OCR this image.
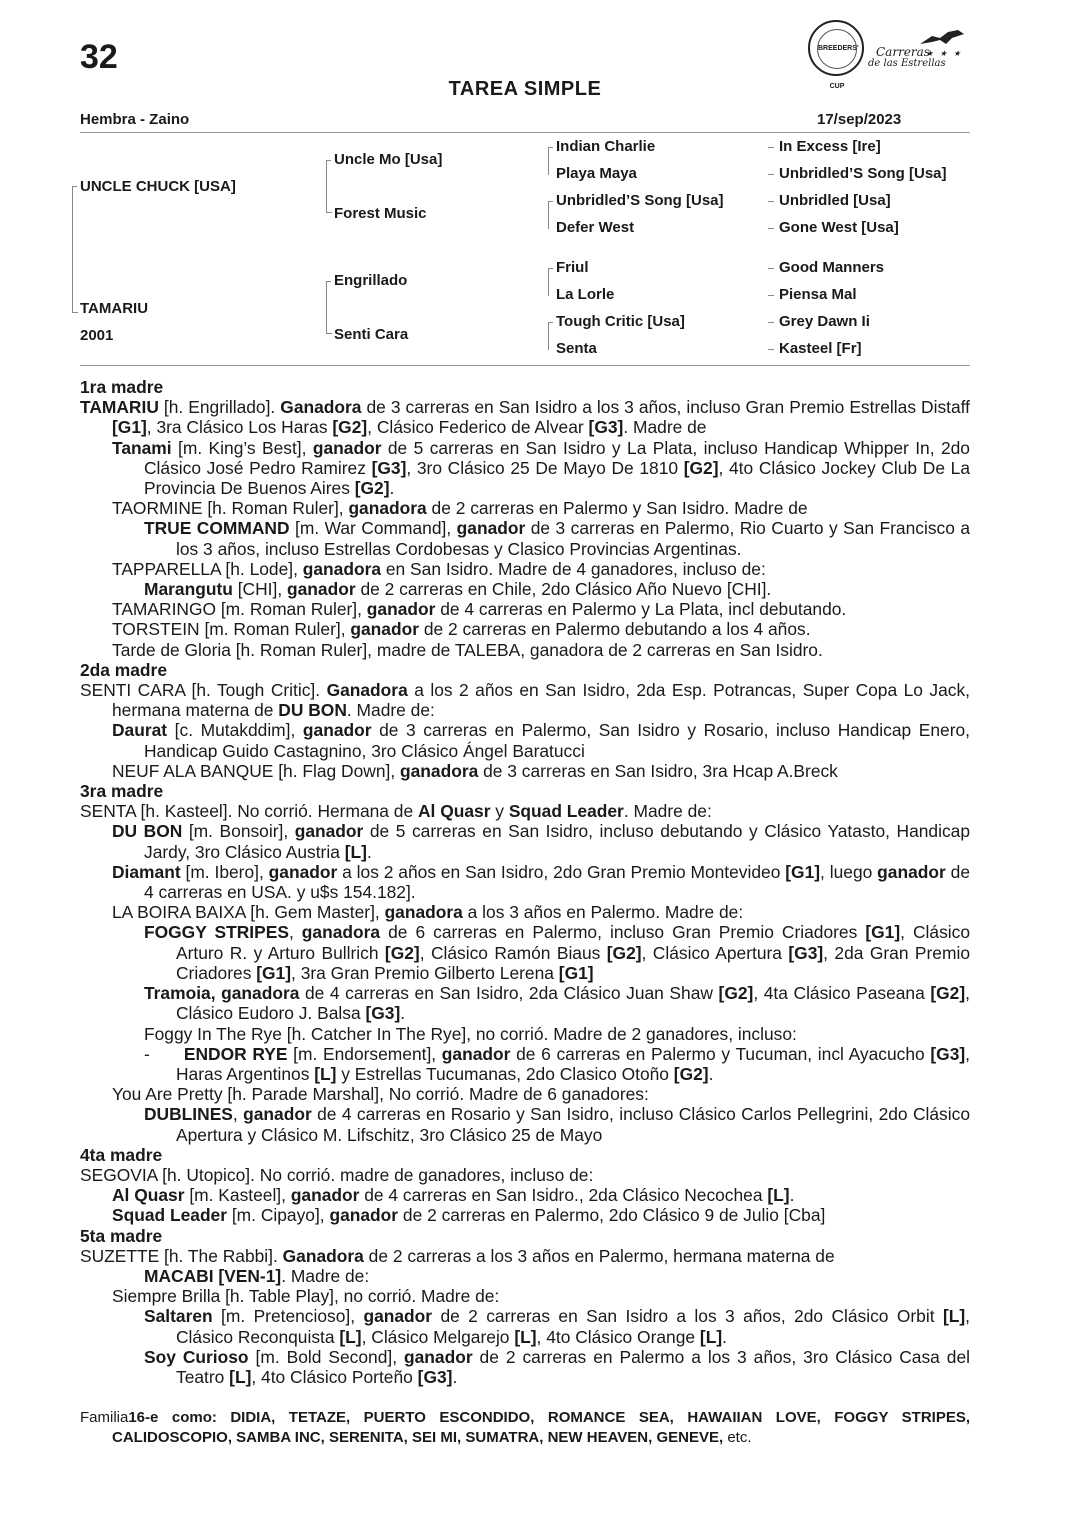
32	BREEDERS' CUP
Carreras
de las Estrellas
★ ★ ★
TAREA SIMPLE
Hembra - Zaino	17/sep/2023
UNCLE CHUCK [USA]
TAMARIU
2001
Uncle Mo [Usa]
Forest Music
Engrillado
Senti Cara
Indian Charlie
Playa Maya
Unbridled’S Song [Usa]
Defer West
Friul
La Lorle
Tough Critic [Usa]
Senta
In Excess [Ire]
Unbridled’S Song [Usa]
Unbridled [Usa]
Gone West [Usa]
Good Manners
Piensa Mal
Grey Dawn Ii
Kasteel [Fr]
1ra madre

TAMARIU [h. Engrillado]. Ganadora de 3 carreras en San Isidro a los 3 años, incluso Gran Premio Estrellas Distaff [G1], 3ra Clásico Los Haras [G2], Clásico Federico de Alvear [G3]. Madre de

Tanami [m. King’s Best], ganador de 5 carreras en San Isidro y La Plata, incluso Handicap Whipper In, 2do Clásico José Pedro Ramirez [G3], 3ro Clásico 25 De Mayo De 1810 [G2], 4to Clásico Jockey Club De La Provincia De Buenos Aires [G2].

TAORMINE [h. Roman Ruler], ganadora de 2 carreras en Palermo y San Isidro. Madre de

TRUE COMMAND [m. War Command], ganador de 3 carreras en Palermo, Rio Cuarto y San Francisco a los 3 años, incluso Estrellas Cordobesas y Clasico Provincias Argentinas.

TAPPARELLA [h. Lode], ganadora en San Isidro. Madre de 4 ganadores, incluso de:

Marangutu [CHI], ganador de 2 carreras en Chile, 2do Clásico Año Nuevo [CHI].

TAMARINGO [m. Roman Ruler], ganador de 4 carreras en Palermo y La Plata, incl debutando.

TORSTEIN [m. Roman Ruler], ganador de 2 carreras en Palermo debutando a los 4 años.

Tarde de Gloria [h. Roman Ruler], madre de TALEBA, ganadora de 2 carreras en San Isidro.

2da madre

SENTI CARA [h. Tough Critic]. Ganadora a los 2 años en San Isidro, 2da Esp. Potrancas, Super Copa Lo Jack, hermana materna de DU BON. Madre de:

Daurat [c. Mutakddim], ganador de 3 carreras en Palermo, San Isidro y Rosario, incluso Handicap Enero, Handicap Guido Castagnino, 3ro Clásico Ángel Baratucci

NEUF ALA BANQUE [h. Flag Down], ganadora de 3 carreras en San Isidro, 3ra Hcap A.Breck

3ra madre

SENTA [h. Kasteel]. No corrió. Hermana de Al Quasr y Squad Leader. Madre de:

DU BON [m. Bonsoir], ganador de 5 carreras en San Isidro, incluso debutando y Clásico Yatasto, Handicap Jardy, 3ro Clásico Austria [L].

Diamant [m. Ibero], ganador a los 2 años en San Isidro, 2do Gran Premio Montevideo [G1], luego ganador de 4 carreras en USA. y u$s 154.182].

LA BOIRA BAIXA [h. Gem Master], ganadora a los 3 años en Palermo. Madre de:

FOGGY STRIPES, ganadora de 6 carreras en Palermo, incluso Gran Premio Criadores [G1], Clásico Arturo R. y Arturo Bullrich [G2], Clásico Ramón Biaus [G2], Clásico Apertura [G3], 2da Gran Premio Criadores [G1], 3ra Gran Premio Gilberto Lerena [G1]

Tramoia, ganadora de 4 carreras en San Isidro, 2da Clásico Juan Shaw [G2], 4ta Clásico Paseana [G2], Clásico Eudoro J. Balsa [G3].

Foggy In The Rye [h. Catcher In The Rye], no corrió. Madre de 2 ganadores, incluso:

-      ENDOR RYE [m. Endorsement], ganador de 6 carreras en Palermo y Tucuman, incl Ayacucho [G3], Haras Argentinos [L] y Estrellas Tucumanas, 2do Clasico Otoño [G2].

You Are Pretty [h. Parade Marshal], No corrió. Madre de 6 ganadores:

DUBLINES, ganador de 4 carreras en Rosario y San Isidro, incluso Clásico Carlos Pellegrini, 2do Clásico Apertura y Clásico M. Lifschitz, 3ro Clásico 25 de Mayo

4ta madre

SEGOVIA [h. Utopico]. No corrió. madre de ganadores, incluso de:

Al Quasr [m. Kasteel], ganador de 4 carreras en San Isidro., 2da Clásico Necochea [L].

Squad Leader [m. Cipayo], ganador de 2 carreras en Palermo, 2do Clásico 9 de Julio [Cba]

5ta madre

SUZETTE [h. The Rabbi]. Ganadora de 2 carreras a los 3 años en Palermo, hermana materna de

MACABI [VEN-1]. Madre de:

Siempre Brilla [h. Table Play], no corrió. Madre de:

Saltaren [m. Pretencioso], ganador de 2 carreras en San Isidro a los 3 años, 2do Clásico Orbit [L], Clásico Reconquista [L], Clásico Melgarejo [L], 4to Clásico Orange [L].

Soy Curioso [m. Bold Second], ganador de 2 carreras en Palermo a los 3 años, 3ro Clásico Casa del Teatro [L], 4to Clásico Porteño [G3].

Familia16-e como: DIDIA, TETAZE, PUERTO ESCONDIDO, ROMANCE SEA, HAWAIIAN LOVE, FOGGY STRIPES, CALIDOSCOPIO, SAMBA INC, SERENITA, SEI MI, SUMATRA, NEW HEAVEN, GENEVE, etc.
